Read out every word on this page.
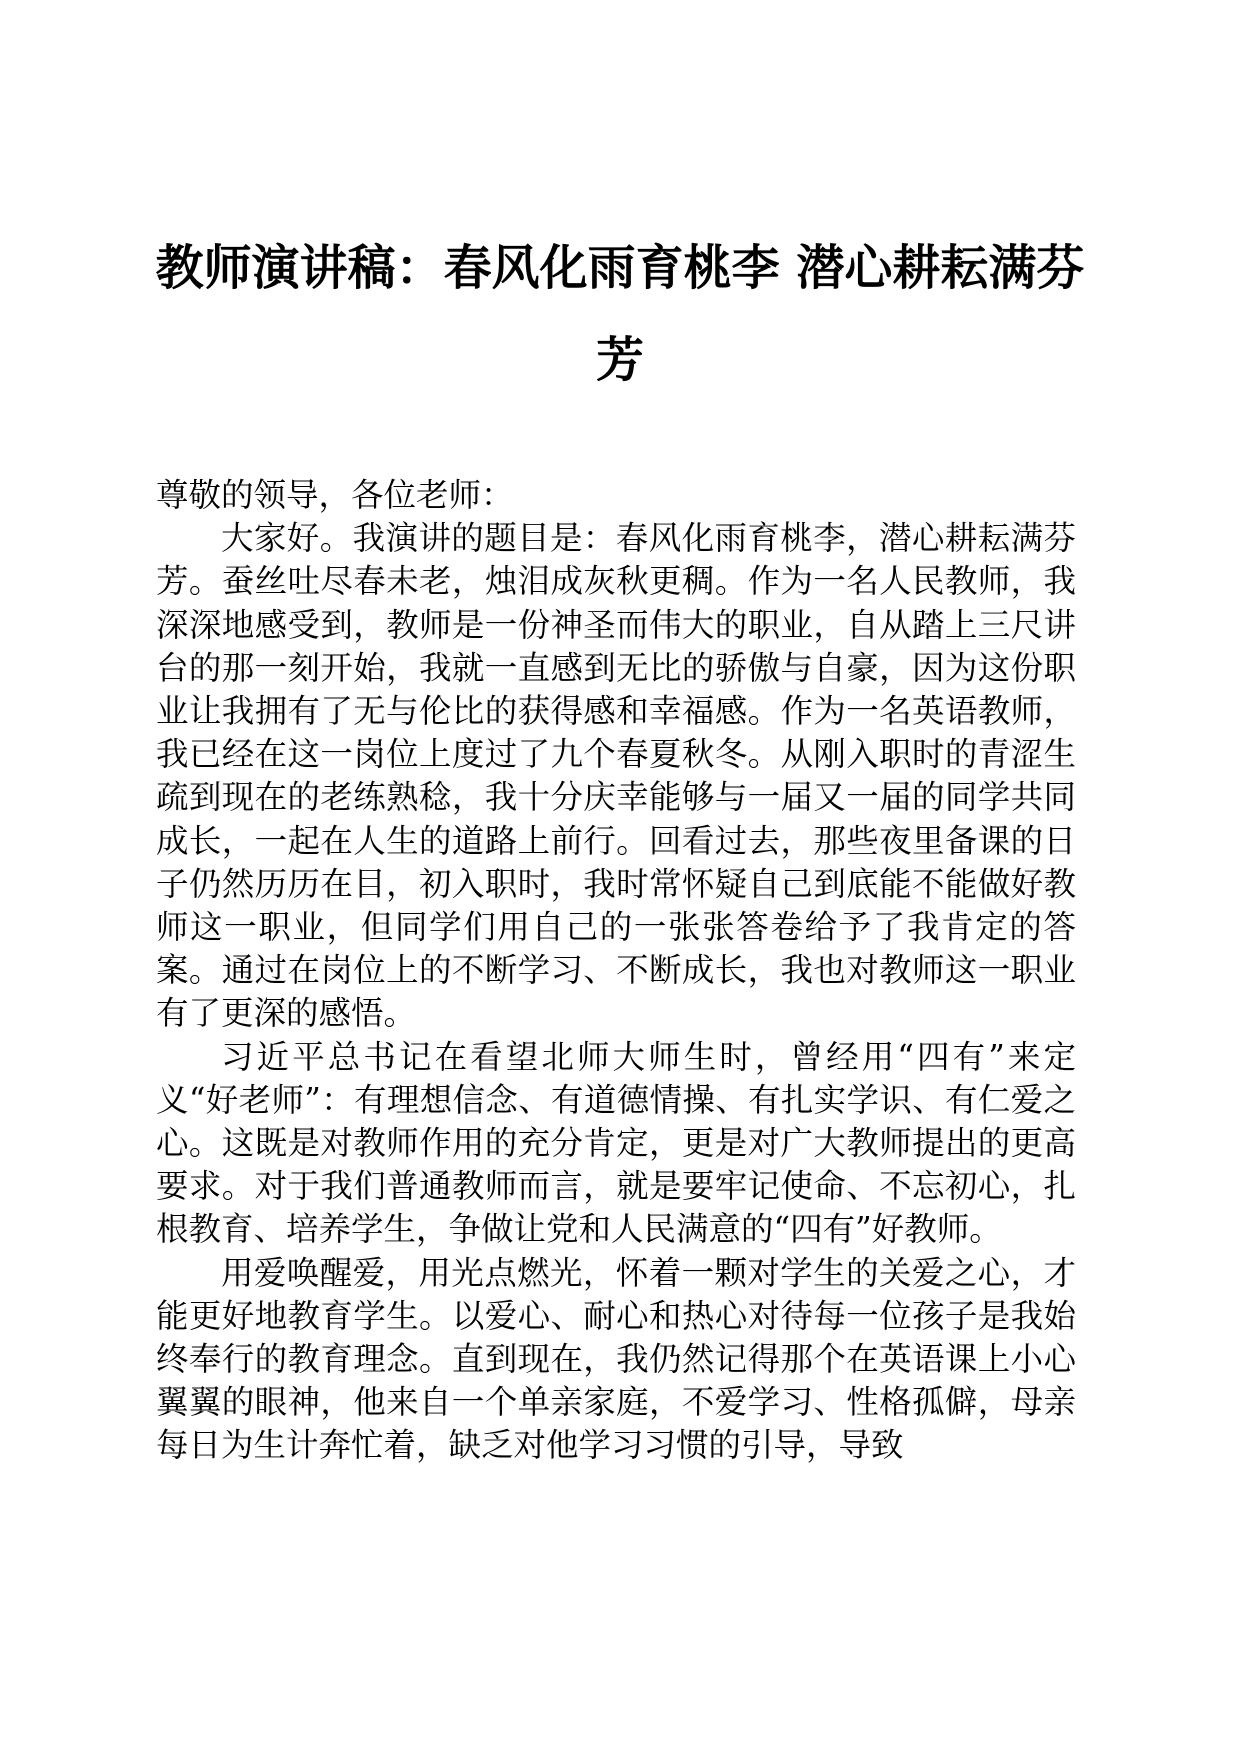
教师演讲稿：春风化雨育桃李 潜心耕耘满芬芳

尊敬的领导，各位老师：

大家好。我演讲的题目是：春风化雨育桃李，潜心耕耘满芬芳。蚕丝吐尽春未老，烛泪成灰秋更稠。作为一名人民教师，我深深地感受到，教师是一份神圣而伟大的职业，自从踏上三尺讲台的那一刻开始，我就一直感到无比的骄傲与自豪，因为这份职业让我拥有了无与伦比的获得感和幸福感。作为一名英语教师，我已经在这一岗位上度过了九个春夏秋冬。从刚入职时的青涩生疏到现在的老练熟稔，我十分庆幸能够与一届又一届的同学共同成长，一起在人生的道路上前行。回看过去，那些夜里备课的日子仍然历历在目，初入职时，我时常怀疑自己到底能不能做好教师这一职业，但同学们用自己的一张张答卷给予了我肯定的答案。通过在岗位上的不断学习、不断成长，我也对教师这一职业有了更深的感悟。

习近平总书记在看望北师大师生时，曾经用“四有”来定义“好老师”：有理想信念、有道德情操、有扎实学识、有仁爱之心。这既是对教师作用的充分肯定，更是对广大教师提出的更高要求。对于我们普通教师而言，就是要牢记使命、不忘初心，扎根教育、培养学生，争做让党和人民满意的“四有”好教师。

用爱唤醒爱，用光点燃光，怀着一颗对学生的关爱之心，才能更好地教育学生。以爱心、耐心和热心对待每一位孩子是我始终奉行的教育理念。直到现在，我仍然记得那个在英语课上小心翼翼的眼神，他来自一个单亲家庭，不爱学习、性格孤僻，母亲每日为生计奔忙着，缺乏对他学习习惯的引导，导致
